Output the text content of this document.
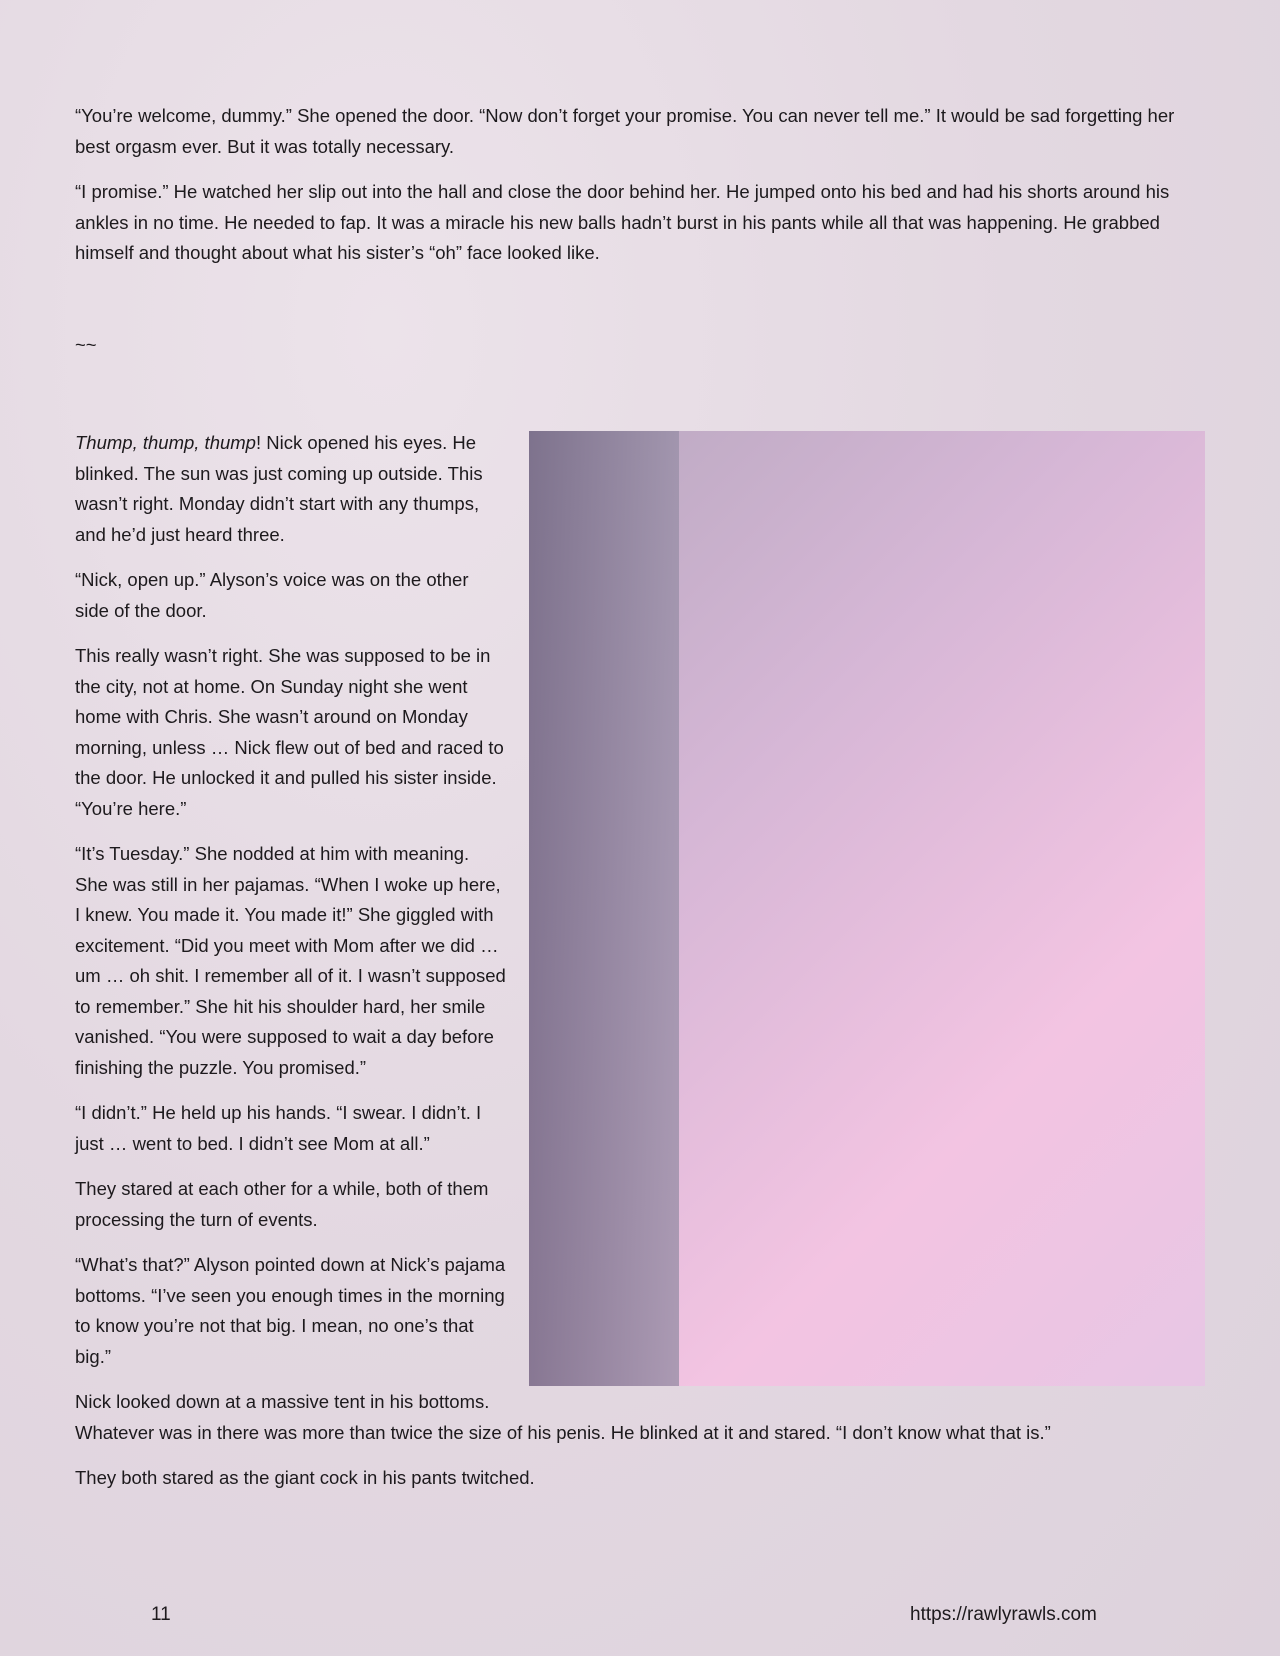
“You’re welcome, dummy.” She opened the door. “Now don’t forget your promise. You can never tell me.” It would be sad forgetting her best orgasm ever. But it was totally necessary.

“I promise.” He watched her slip out into the hall and close the door behind her. He jumped onto his bed and had his shorts around his ankles in no time. He needed to fap. It was a miracle his new balls hadn’t burst in his pants while all that was happening. He grabbed himself and thought about what his sister’s “oh” face looked like.

~~

Thump, thump, thump! Nick opened his eyes. He blinked. The sun was just coming up outside. This wasn’t right. Monday didn’t start with any thumps, and he’d just heard three.

“Nick, open up.” Alyson’s voice was on the other side of the door.

This really wasn’t right. She was supposed to be in the city, not at home. On Sunday night she went home with Chris. She wasn’t around on Monday morning, unless … Nick flew out of bed and raced to the door. He unlocked it and pulled his sister inside. “You’re here.”

“It’s Tuesday.” She nodded at him with meaning. She was still in her pajamas. “When I woke up here, I knew. You made it. You made it!” She giggled with excitement. “Did you meet with Mom after we did … um … oh shit. I remember all of it. I wasn’t supposed to remember.” She hit his shoulder hard, her smile vanished. “You were supposed to wait a day before finishing the puzzle. You promised.”

“I didn’t.” He held up his hands. “I swear. I didn’t. I just … went to bed. I didn’t see Mom at all.”

They stared at each other for a while, both of them processing the turn of events.

“What’s that?” Alyson pointed down at Nick’s pajama bottoms. “I’ve seen you enough times in the morning to know you’re not that big. I mean, no one’s that big.”

Nick looked down at a massive tent in his bottoms. Whatever was in there was more than twice the size of his penis. He blinked at it and stared. “I don’t know what that is.”

They both stared as the giant cock in his pants twitched.

11	https://rawlyrawls.com
